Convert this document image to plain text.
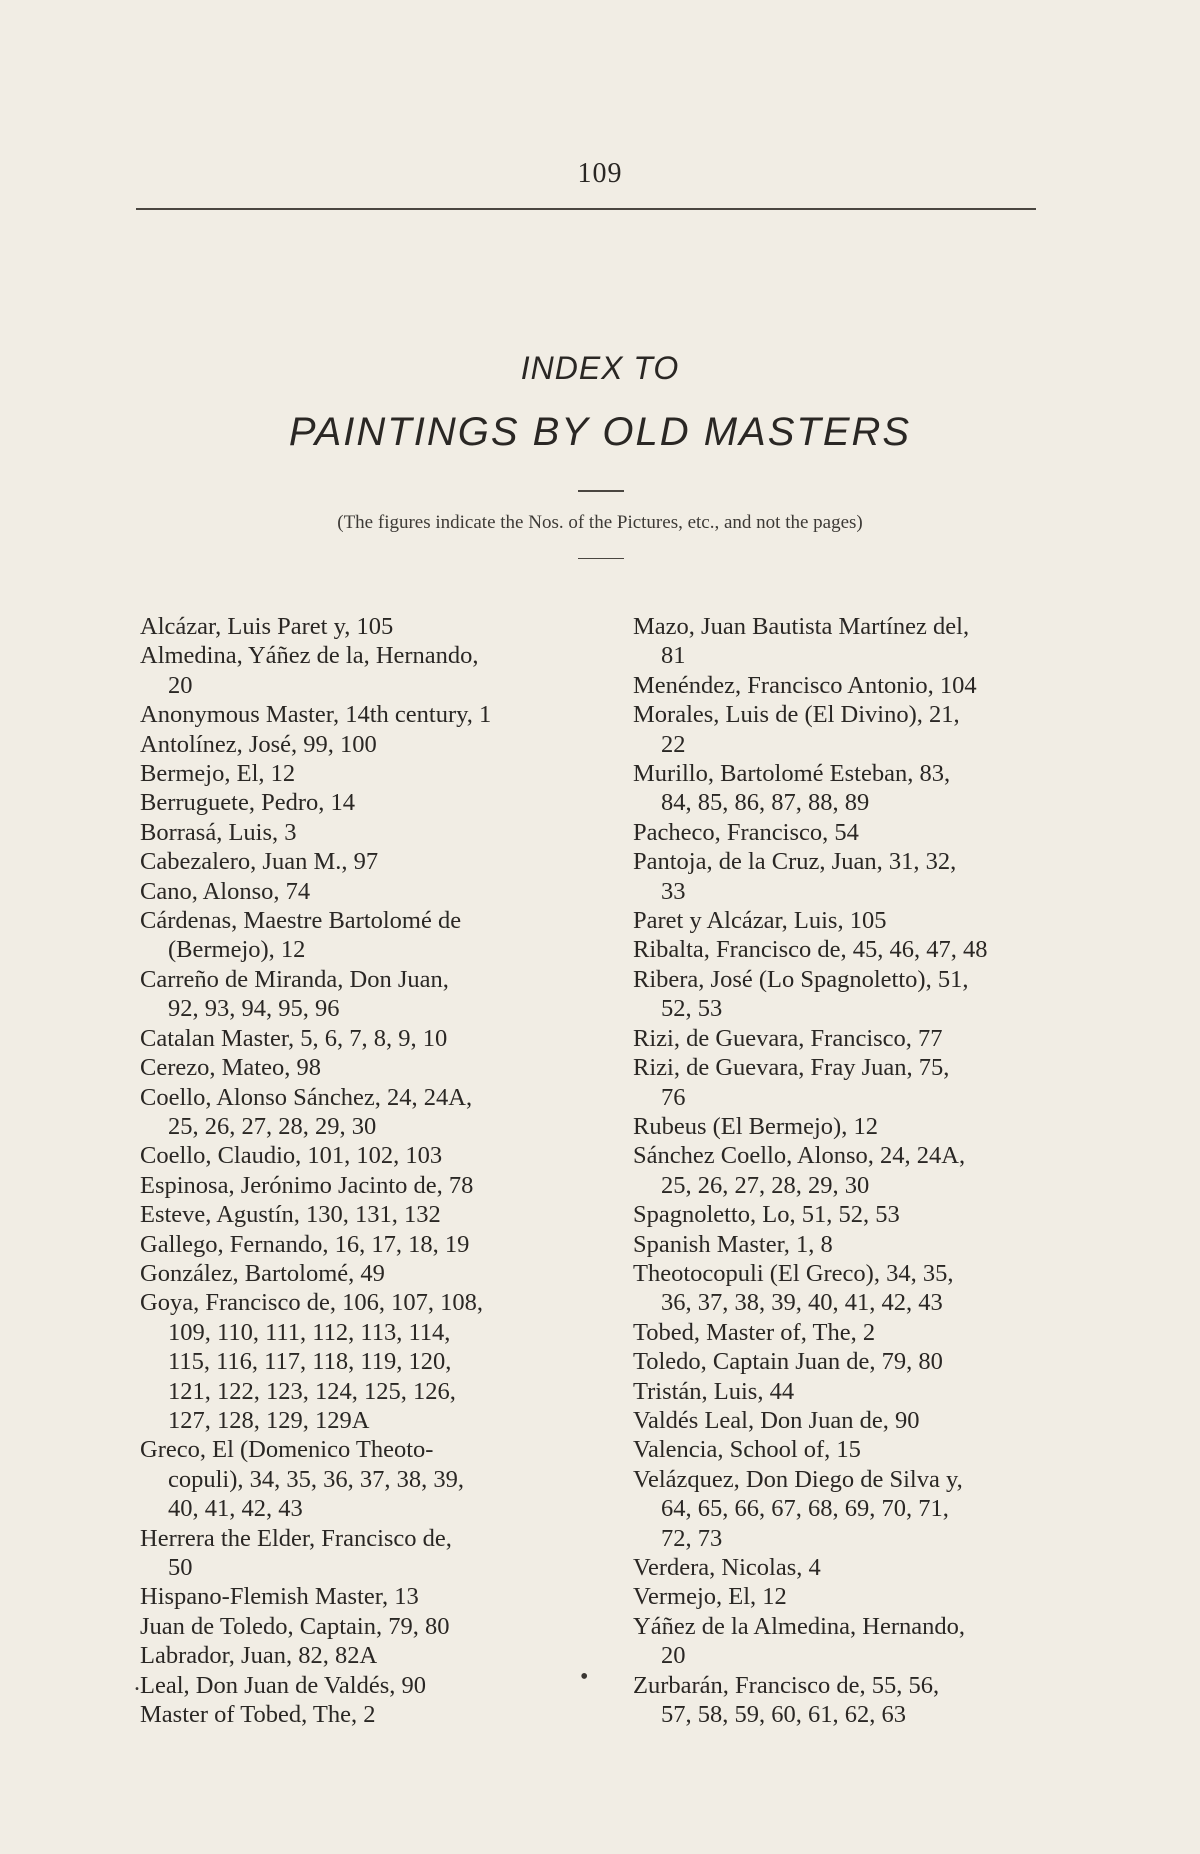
109
INDEX TO
PAINTINGS BY OLD MASTERS
(The figures indicate the Nos. of the Pictures, etc., and not the pages)
Alcázar, Luis Paret y, 105
Almedina, Yáñez de la, Hernando,
20
Anonymous Master, 14th century, 1
Antolínez, José, 99, 100
Bermejo, El, 12
Berruguete, Pedro, 14
Borrasá, Luis, 3
Cabezalero, Juan M., 97
Cano, Alonso, 74
Cárdenas, Maestre Bartolomé de
(Bermejo), 12
Carreño de Miranda, Don Juan,
92, 93, 94, 95, 96
Catalan Master, 5, 6, 7, 8, 9, 10
Cerezo, Mateo, 98
Coello, Alonso Sánchez, 24, 24A,
25, 26, 27, 28, 29, 30
Coello, Claudio, 101, 102, 103
Espinosa, Jerónimo Jacinto de, 78
Esteve, Agustín, 130, 131, 132
Gallego, Fernando, 16, 17, 18, 19
González, Bartolomé, 49
Goya, Francisco de, 106, 107, 108,
109, 110, 111, 112, 113, 114,
115, 116, 117, 118, 119, 120,
121, 122, 123, 124, 125, 126,
127, 128, 129, 129A
Greco, El (Domenico Theoto-
copuli), 34, 35, 36, 37, 38, 39,
40, 41, 42, 43
Herrera the Elder, Francisco de,
50
Hispano-Flemish Master, 13
Juan de Toledo, Captain, 79, 80
Labrador, Juan, 82, 82A
Leal, Don Juan de Valdés, 90
Master of Tobed, The, 2
Mazo, Juan Bautista Martínez del,
81
Menéndez, Francisco Antonio, 104
Morales, Luis de (El Divino), 21,
22
Murillo, Bartolomé Esteban, 83,
84, 85, 86, 87, 88, 89
Pacheco, Francisco, 54
Pantoja, de la Cruz, Juan, 31, 32,
33
Paret y Alcázar, Luis, 105
Ribalta, Francisco de, 45, 46, 47, 48
Ribera, José (Lo Spagnoletto), 51,
52, 53
Rizi, de Guevara, Francisco, 77
Rizi, de Guevara, Fray Juan, 75,
76
Rubeus (El Bermejo), 12
Sánchez Coello, Alonso, 24, 24A,
25, 26, 27, 28, 29, 30
Spagnoletto, Lo, 51, 52, 53
Spanish Master, 1, 8
Theotocopuli (El Greco), 34, 35,
36, 37, 38, 39, 40, 41, 42, 43
Tobed, Master of, The, 2
Toledo, Captain Juan de, 79, 80
Tristán, Luis, 44
Valdés Leal, Don Juan de, 90
Valencia, School of, 15
Velázquez, Don Diego de Silva y,
64, 65, 66, 67, 68, 69, 70, 71,
72, 73
Verdera, Nicolas, 4
Vermejo, El, 12
Yáñez de la Almedina, Hernando,
20
Zurbarán, Francisco de, 55, 56,
57, 58, 59, 60, 61, 62, 63
.	•
